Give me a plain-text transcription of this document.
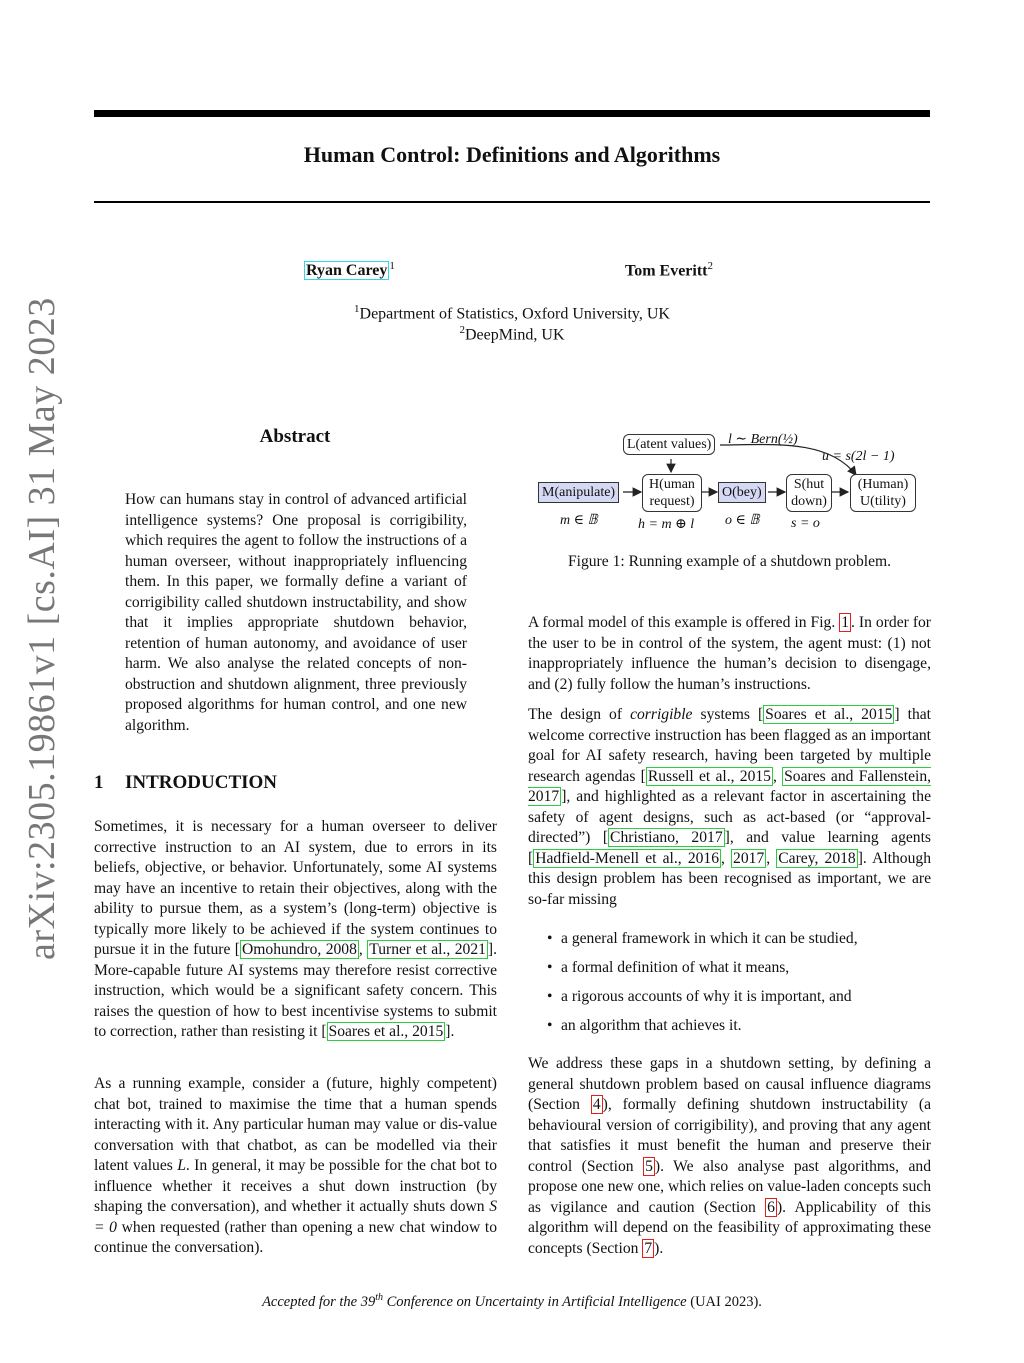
arXiv:2305.19861v1 [cs.AI] 31 May 2023
Human Control: Definitions and Algorithms
Ryan Carey $^1$	Tom Everitt$^2$
$^1$Department of Statistics, Oxford University, UK
$^2$DeepMind, UK
Abstract
How can humans stay in control of advanced artificial intelligence systems? One proposal is corrigibility, which requires the agent to follow the instructions of a human overseer, without inappropriately influencing them. In this paper, we formally define a variant of corrigibility called shutdown instructability, and show that it implies appropriate shutdown behavior, retention of human autonomy, and avoidance of user harm. We also analyse the related concepts of non-obstruction and shutdown alignment, three previously proposed algorithms for human control, and one new algorithm.
1 INTRODUCTION
Sometimes, it is necessary for a human overseer to deliver corrective instruction to an AI system, due to errors in its beliefs, objective, or behavior. Unfortunately, some AI systems may have an incentive to retain their objectives, along with the ability to pursue them, as a system’s (long-term) objective is typically more likely to be achieved if the system continues to pursue it in the future [ Omohundro, 2008 , Turner et al., 2021 ]. More-capable future AI systems may therefore resist corrective instruction, which would be a significant safety concern. This raises the question of how to best incentivise systems to submit to correction, rather than resisting it [ Soares et al., 2015 ].
As a running example, consider a (future, highly competent) chat bot, trained to maximise the time that a human spends interacting with it. Any particular human may value or dis-value conversation with that chatbot, as can be modelled via their latent values L. In general, it may be possible for the chat bot to influence whether it receives a shut down instruction (by shaping the conversation), and whether it actually shuts down S = 0 when requested (rather than opening a new chat window to continue the conversation).
L(atent values)
M(anipulate)
H(uman request)
O(bey)
S(hut down)
(Human) U(tility)
l ∼ Bern(½)
u = s(2l − 1)
m ∈ 𝔹	h = m ⊕ l o ∈ 𝔹 s = o
Figure 1: Running example of a shutdown problem.
A formal model of this example is offered in Fig. 1 . In order for the user to be in control of the system, the agent must: (1) not inappropriately influence the human’s decision to disengage, and (2) fully follow the human’s instructions.
The design of corrigible systems [ Soares et al., 2015 ] that welcome corrective instruction has been flagged as an important goal for AI safety research, having been targeted by multiple research agendas [ Russell et al., 2015 , Soares and Fallenstein, 2017 ], and highlighted as a relevant factor in ascertaining the safety of agent designs, such as act-based (or “approval-directed”) [ Christiano, 2017 ], and value learning agents [ Hadfield-Menell et al., 2016 , 2017 , Carey, 2018 ]. Although this design problem has been recognised as important, we are so-far missing
• a general framework in which it can be studied,
• a formal definition of what it means,
• a rigorous accounts of why it is important, and
• an algorithm that achieves it.
We address these gaps in a shutdown setting, by defining a general shutdown problem based on causal influence diagrams (Section 4 ), formally defining shutdown instructability (a behavioural version of corrigibility), and proving that any agent that satisfies it must benefit the human and preserve their control (Section 5 ). We also analyse past algorithms, and propose one new one, which relies on value-laden concepts such as vigilance and caution (Section 6 ). Applicability of this algorithm will depend on the feasibility of approximating these concepts (Section 7 ).
Accepted for the 39th Conference on Uncertainty in Artificial Intelligence (UAI 2023).
